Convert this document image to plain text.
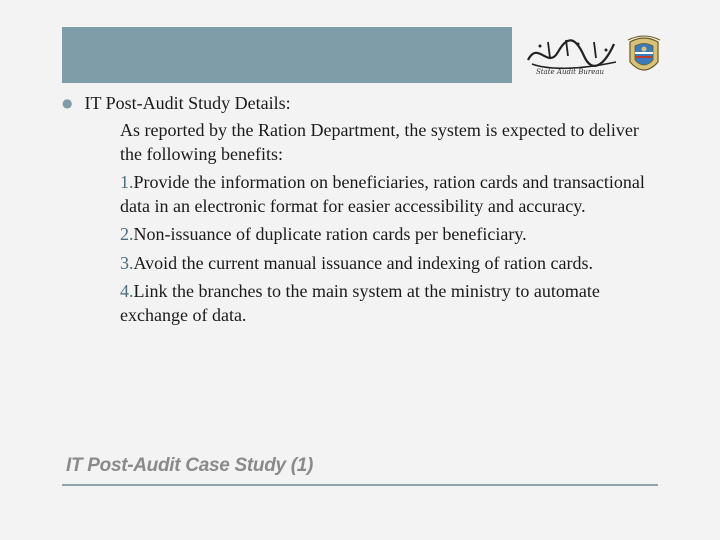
State Audit Bureau
● IT Post-Audit Study Details:

As reported by the Ration Department, the system is expected to deliver the following benefits:

1.Provide the information on beneficiaries, ration cards and transactional data in an electronic format for easier accessibility and accuracy.

2.Non-issuance of duplicate ration cards per beneficiary.

3.Avoid the current manual issuance and indexing of ration cards.

4.Link the branches to the main system at the ministry to automate exchange of data.

IT Post-Audit Case Study (1)
